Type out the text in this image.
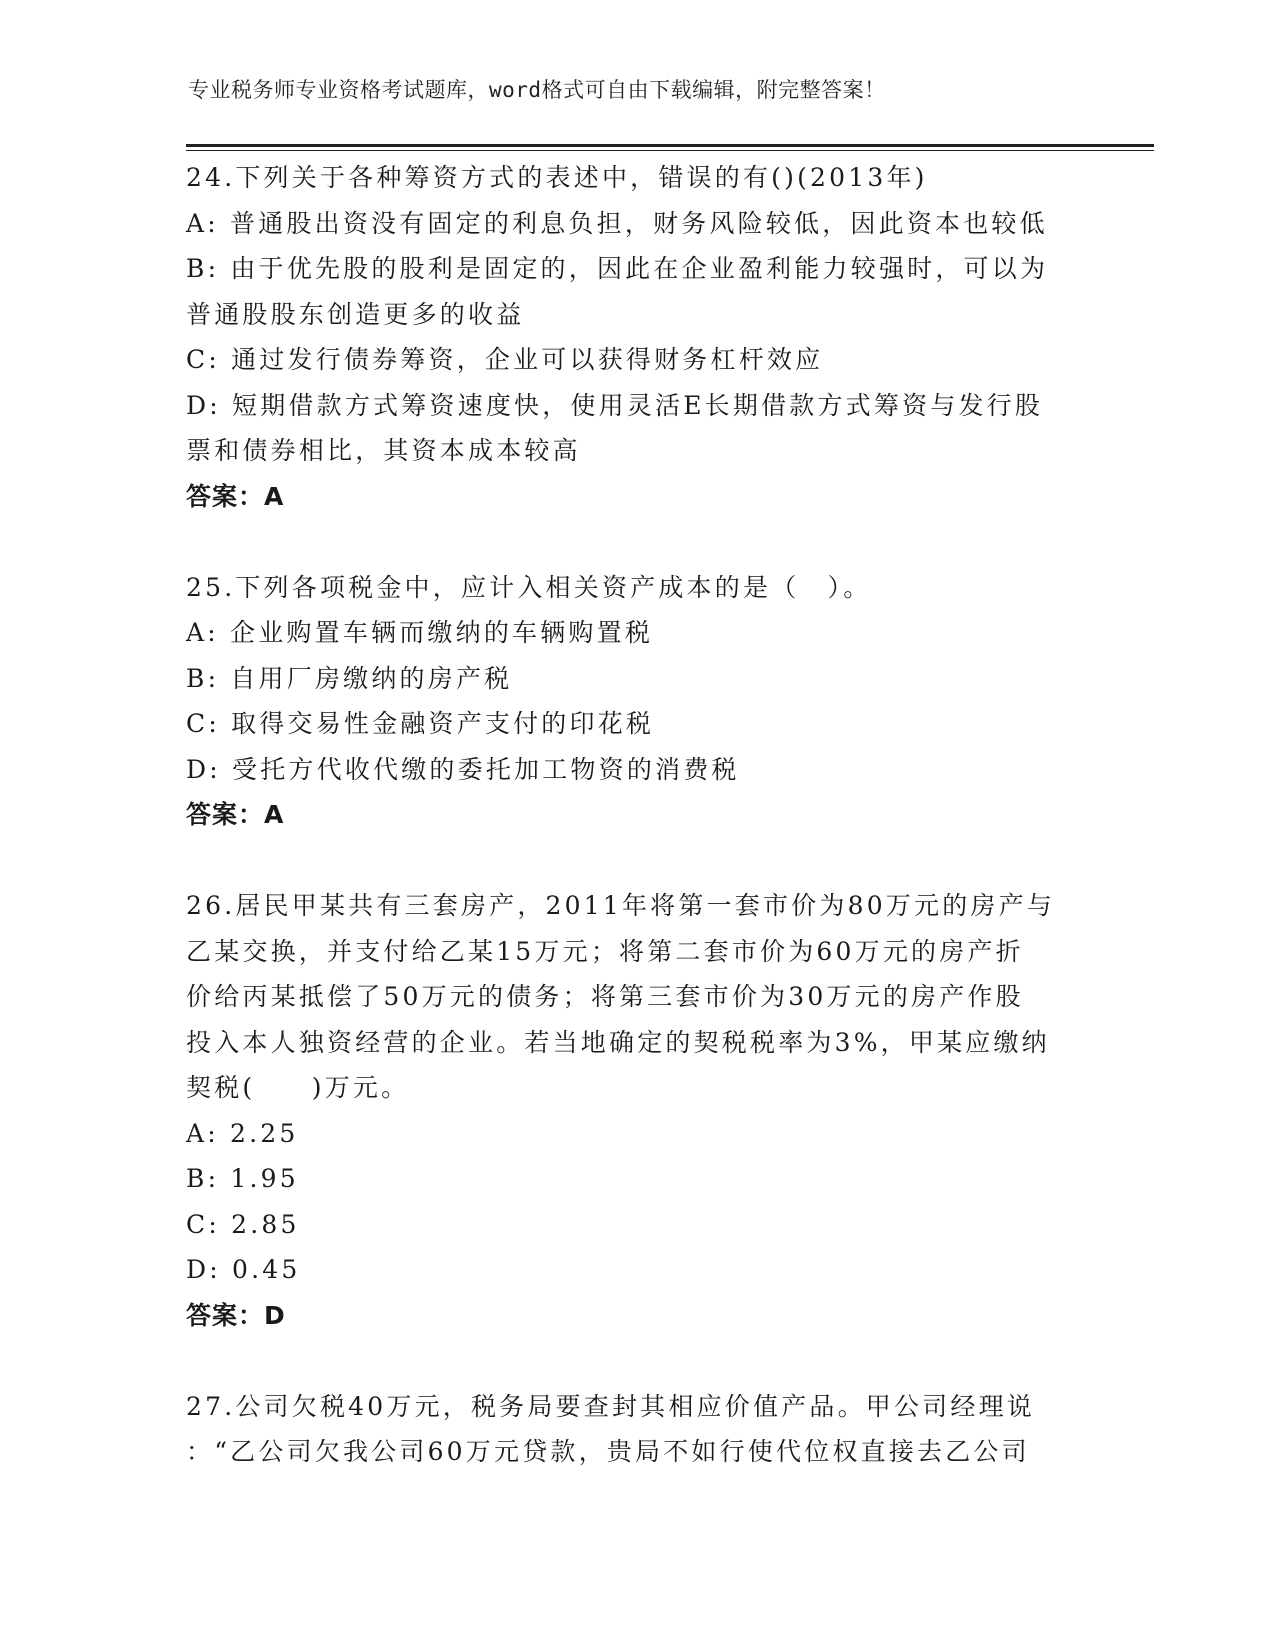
专业税务师专业资格考试题库，word格式可自由下载编辑，附完整答案！
24.下列关于各种筹资方式的表述中，错误的有()(2013年)
A: 普通股出资没有固定的利息负担，财务风险较低，因此资本也较低
B: 由于优先股的股利是固定的，因此在企业盈利能力较强时，可以为
普通股股东创造更多的收益
C: 通过发行债券筹资，企业可以获得财务杠杆效应
D: 短期借款方式筹资速度快，使用灵活E长期借款方式筹资与发行股
票和债券相比，其资本成本较高
答案：A
25.下列各项税金中，应计入相关资产成本的是（　）。
A: 企业购置车辆而缴纳的车辆购置税
B: 自用厂房缴纳的房产税
C: 取得交易性金融资产支付的印花税
D: 受托方代收代缴的委托加工物资的消费税
答案：A
26.居民甲某共有三套房产，2011年将第一套市价为80万元的房产与
乙某交换，并支付给乙某15万元；将第二套市价为60万元的房产折
价给丙某抵偿了50万元的债务；将第三套市价为30万元的房产作股
投入本人独资经营的企业。若当地确定的契税税率为3%，甲某应缴纳
契税(　　)万元。
A: 2.25
B: 1.95
C: 2.85
D: 0.45
答案：D
27.公司欠税40万元，税务局要查封其相应价值产品。甲公司经理说
：“乙公司欠我公司60万元贷款，贵局不如行使代位权直接去乙公司
